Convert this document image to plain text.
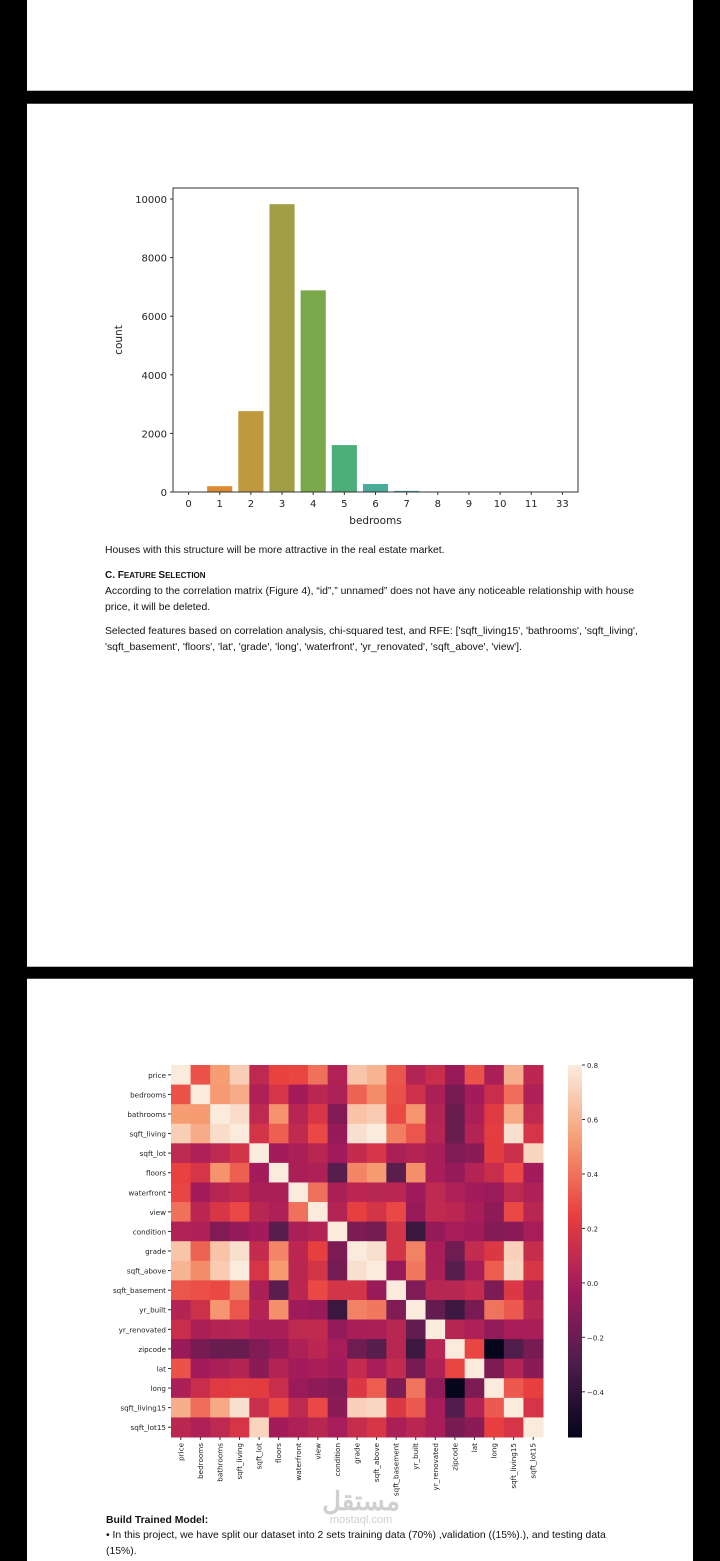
0 1 2 3 4 5 6 7 8 9 10 11 33
0
2000
4000
6000
8000
10000
bedrooms
count
Houses with this structure will be more attractive in the real estate market.
C. FEATURE SELECTION
According to the correlation matrix (Figure 4), “id”,” unnamed” does not have any noticeable relationship with house price, it will be deleted.
Selected features based on correlation analysis, chi-squared test, and RFE: ['sqft_living15', 'bathrooms', 'sqft_living', 'sqft_basement', 'floors', 'lat', 'grade', 'long', 'waterfront', 'yr_renovated', 'sqft_above', 'view'].
price
price
bedrooms
bedrooms
bathrooms
bathrooms
sqft_living
sqft_living
sqft_lot
sqft_lot
floors
floors
waterfront
waterfront
view
view
condition
condition
grade
grade
sqft_above
sqft_above
sqft_basement
sqft_basement
yr_built
yr_built
yr_renovated
yr_renovated
zipcode
zipcode
lat
lat
long
long
sqft_living15
sqft_living15
sqft_lot15
sqft_lot15
0.8
0.6
0.4
0.2
0.0
−0.2
−0.4
مستقل
mostaql.com
Build Trained Model:
• In this project, we have split our dataset into 2 sets training data (70%) ,validation ((15%).), and testing data (15%).
